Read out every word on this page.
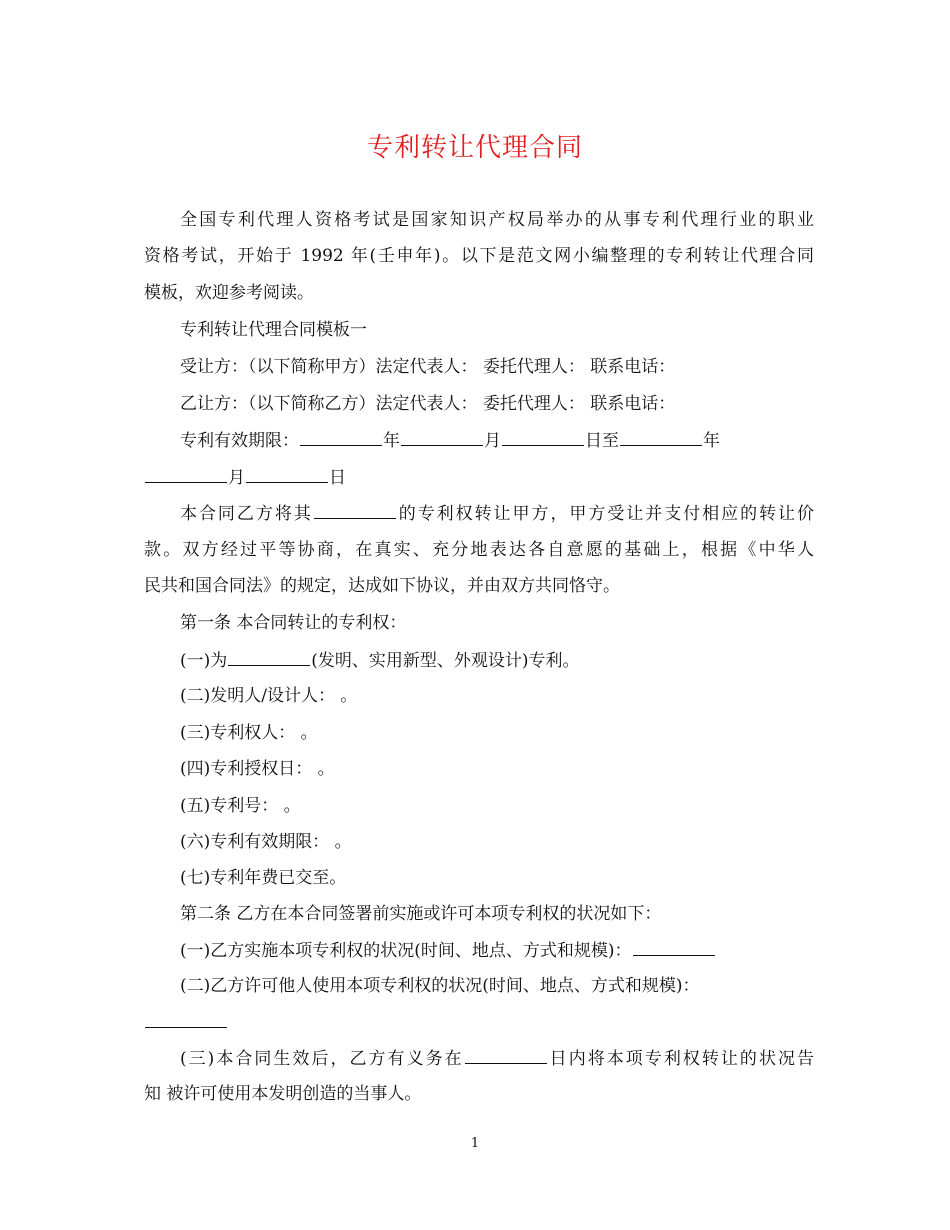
专利转让代理合同
全国专利代理人资格考试是国家知识产权局举办的从事专利代理行业的职业
资格考试，开始于 1992 年(壬申年)。以下是范文网小编整理的专利转让代理合同
模板，欢迎参考阅读。
专利转让代理合同模板一
受让方：（以下简称甲方）法定代表人： 委托代理人： 联系电话：
乙让方：（以下简称乙方）法定代表人： 委托代理人： 联系电话：
专利有效期限：	年	月	日至	年
月	日
本合同乙方将其	的专利权转让甲方，甲方受让并支付相应的转让价
款。双方经过平等协商，在真实、充分地表达各自意愿的基础上，根据《中华人
民共和国合同法》的规定，达成如下协议，并由双方共同恪守。
第一条 本合同转让的专利权：
(一)为	(发明、实用新型、外观设计)专利。
(二)发明人/设计人： 。
(三)专利权人： 。
(四)专利授权日： 。
(五)专利号： 。
(六)专利有效期限： 。
(七)专利年费已交至。
第二条 乙方在本合同签署前实施或许可本项专利权的状况如下：
(一)乙方实施本项专利权的状况(时间、地点、方式和规模)：
(二)乙方许可他人使用本项专利权的状况(时间、地点、方式和规模)：
(三)本合同生效后，乙方有义务在	日内将本项专利权转让的状况告
知 被许可使用本发明创造的当事人。
1
